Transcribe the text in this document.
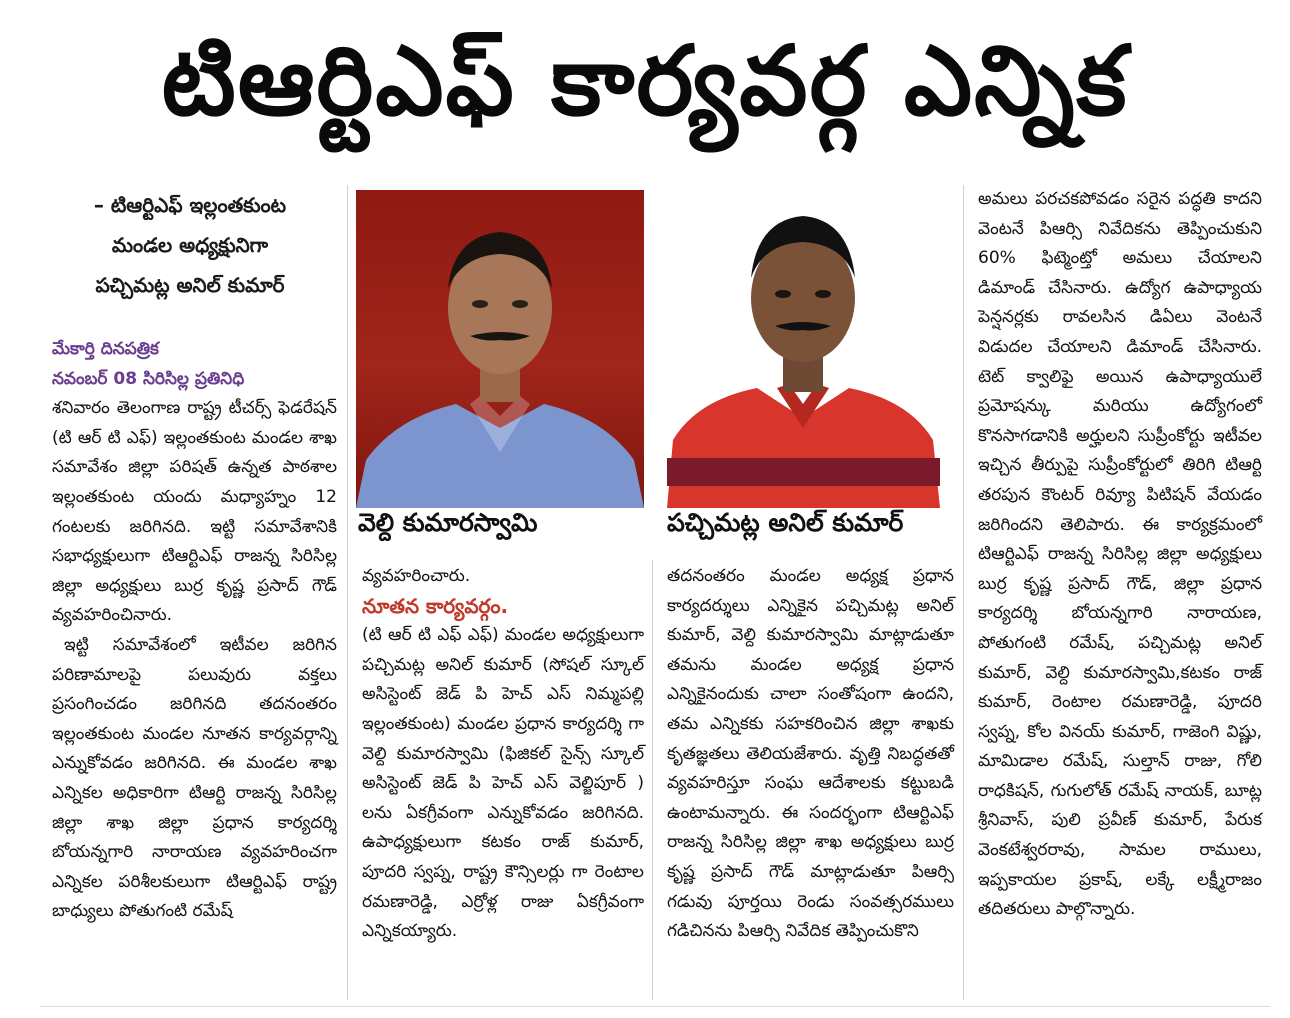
టిఆర్టిఎఫ్ కార్యవర్గ ఎన్నిక
– టిఆర్టిఎఫ్ ఇల్లంతకుంట
మండల అధ్యక్షునిగా
పచ్చిమట్ల అనిల్ కుమార్

మేకార్తి దినపత్రిక

నవంబర్ 08 సిరిసిల్ల ప్రతినిధి

శనివారం తెలంగాణ రాష్ట్ర టీచర్స్ ఫెడరేషన్ (టి ఆర్ టి ఎఫ్) ఇల్లంతకుంట మండల శాఖ సమావేశం జిల్లా పరిషత్ ఉన్నత పాఠశాల ఇల్లంతకుంట యందు మధ్యాహ్నం 12 గంటలకు జరిగినది. ఇట్టి సమావేశానికి సభాధ్యక్షులుగా టిఆర్టిఎఫ్ రాజన్న సిరిసిల్ల జిల్లా అధ్యక్షులు బుర్ర కృష్ణ ప్రసాద్ గౌడ్ వ్యవహరించినారు.

ఇట్టి సమావేశంలో ఇటీవల జరిగిన పరిణామాలపై పలువురు వక్తలు ప్రసంగించడం జరిగినది తదనంతరం ఇల్లంతకుంట మండల నూతన కార్యవర్గాన్ని ఎన్నుకోవడం జరిగినది. ఈ మండల శాఖ ఎన్నికల అధికారిగా టిఆర్టి రాజన్న సిరిసిల్ల జిల్లా శాఖ జిల్లా ప్రధాన కార్యదర్శి బోయన్నగారి నారాయణ వ్యవహరించగా ఎన్నికల పరిశీలకులుగా టిఆర్టిఎఫ్ రాష్ట్ర బాధ్యులు పోతుగంటి రమేష్

వెల్ది కుమారస్వామి	పచ్చిమట్ల అనిల్ కుమార్

వ్యవహరించారు.

నూతన కార్యవర్గం.

(టి ఆర్ టి ఎఫ్ ఎఫ్) మండల అధ్యక్షులుగా పచ్చిమట్ల అనిల్ కుమార్ (సోషల్ స్కూల్ అసిస్టెంట్ జెడ్ పి హెచ్ ఎస్ నిమ్మపల్లి ఇల్లంతకుంట) మండల ప్రధాన కార్యదర్శి గా వెల్ది కుమారస్వామి (ఫిజికల్ సైన్స్ స్కూల్ అసిస్టెంట్ జెడ్ పి హెచ్ ఎస్ వెల్జిపూర్ ) లను ఏకగ్రీవంగా ఎన్నుకోవడం జరిగినది. ఉపాధ్యక్షులుగా కటకం రాజ్ కుమార్, పూదరి స్వప్న, రాష్ట్ర కౌన్సిలర్లు గా రెంటాల రమణారెడ్డి, ఎర్రోళ్ల రాజు ఏకగ్రీవంగా ఎన్నికయ్యారు.

తదనంతరం మండల అధ్యక్ష ప్రధాన కార్యదర్శులు ఎన్నికైన పచ్చిమట్ల అనిల్ కుమార్, వెల్ది కుమారస్వామి మాట్లాడుతూ తమను మండల అధ్యక్ష ప్రధాన ఎన్నికైనందుకు చాలా సంతోషంగా ఉందని, తమ ఎన్నికకు సహకరించిన జిల్లా శాఖకు కృతజ్ఞతలు తెలియజేశారు. వృత్తి నిబద్ధతతో వ్యవహరిస్తూ సంఘ ఆదేశాలకు కట్టుబడి ఉంటామన్నారు. ఈ సందర్భంగా టిఆర్టిఎఫ్ రాజన్న సిరిసిల్ల జిల్లా శాఖ అధ్యక్షులు బుర్ర కృష్ణ ప్రసాద్ గౌడ్ మాట్లాడుతూ పిఆర్సి గడువు పూర్తయి రెండు సంవత్సరములు గడిచినను పిఆర్సి నివేదిక తెప్పించుకొని

అమలు పరచకపోవడం సరైన పద్ధతి కాదని వెంటనే పిఆర్సి నివేదికను తెప్పించుకుని 60% ఫిట్మెంట్తో అమలు చేయాలని డిమాండ్ చేసినారు. ఉద్యోగ ఉపాధ్యాయ పెన్షనర్లకు రావలసిన డిఏలు వెంటనే విడుదల చేయాలని డిమాండ్ చేసినారు. టెట్ క్వాలిఫై అయిన ఉపాధ్యాయులే ప్రమోషన్కు మరియు ఉద్యోగంలో కొనసాగడానికి అర్హులని సుప్రీంకోర్టు ఇటీవల ఇచ్చిన తీర్పుపై సుప్రీంకోర్టులో తిరిగి టిఆర్టి తరపున కౌంటర్ రివ్యూ పిటిషన్ వేయడం జరిగిందని తెలిపారు. ఈ కార్యక్రమంలో టిఆర్టిఎఫ్ రాజన్న సిరిసిల్ల జిల్లా అధ్యక్షులు బుర్ర కృష్ణ ప్రసాద్ గౌడ్, జిల్లా ప్రధాన కార్యదర్శి బోయన్నగారి నారాయణ, పోతుగంటి రమేష్, పచ్చిమట్ల అనిల్ కుమార్, వెల్ది కుమారస్వామి,కటకం రాజ్ కుమార్, రెంటాల రమణారెడ్డి, పూదరి స్వప్న, కోల వినయ్ కుమార్, గాజెంగి విష్ణు, మామిడాల రమేష్, సుల్తాన్ రాజు, గోలి రాధకిషన్, గుగులోత్ రమేష్ నాయక్, బూట్ల శ్రీనివాస్, పులి ప్రవీణ్ కుమార్, పేరుక వెంకటేశ్వరరావు, సామల రాములు, ఇప్పకాయల ప్రకాష్, లక్కే లక్ష్మీరాజం తదితరులు పాల్గొన్నారు.
